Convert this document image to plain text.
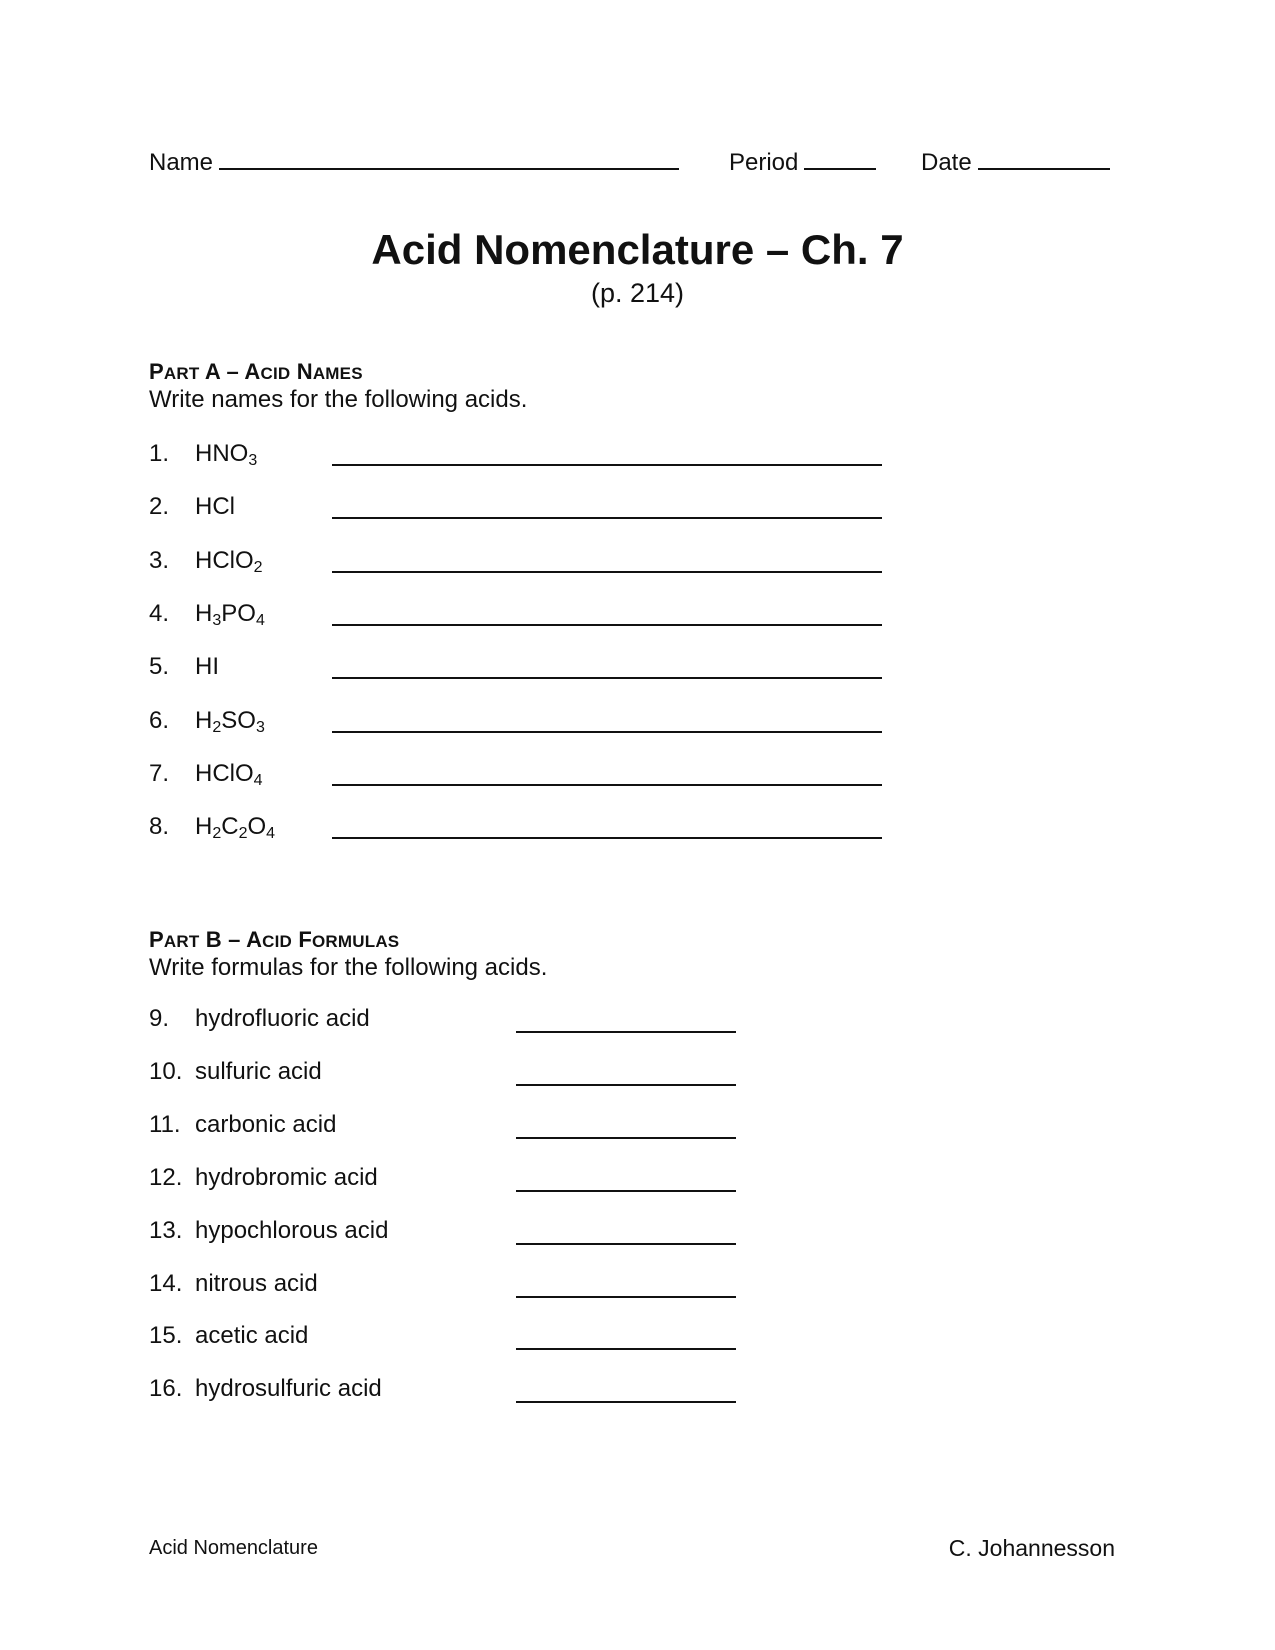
Name	Period	Date
Acid Nomenclature – Ch. 7
(p. 214)
PART A – ACID NAMES
Write names for the following acids.
1. $HNO_3$
2. HCl
3. HClO$_2$
4. $H_3PO_4$
5. HI
6. $H_2SO_3$
7. HClO$_4$
8. $H_2C_2O_4$
PART B – ACID FORMULAS
Write formulas for the following acids.
9. hydrofluoric acid
10. sulfuric acid
11. carbonic acid
12. hydrobromic acid
13. hypochlorous acid
14. nitrous acid
15. acetic acid
16. hydrosulfuric acid
Acid Nomenclature	C. Johannesson
